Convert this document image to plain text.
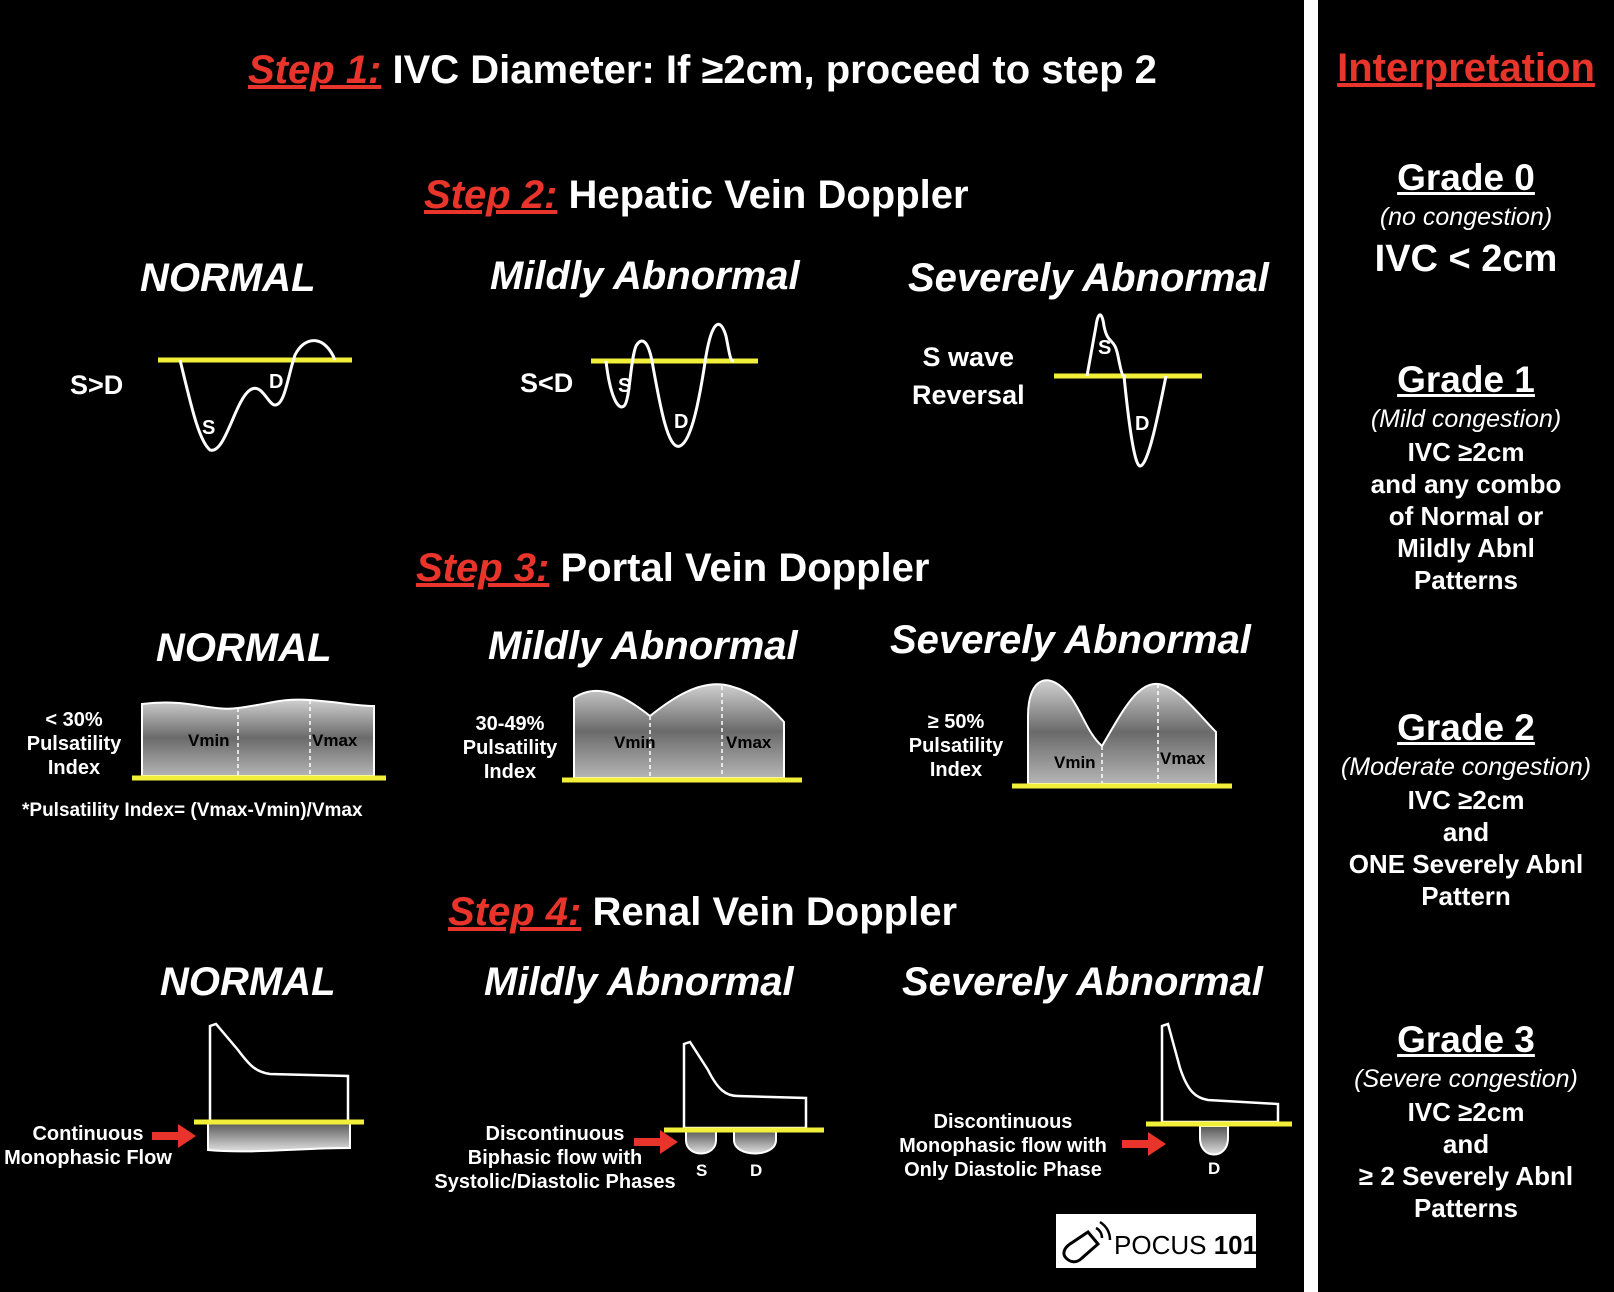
Step 1: IVC Diameter: If ≥2cm, proceed to step 2
Step 2: Hepatic Vein Doppler
Step 3: Portal Vein Doppler
Step 4: Renal Vein Doppler
NORMAL	Mildly Abnormal	Severely Abnormal
S>D	S<D
S wave
Reversal
S
D	S
D
S
D
NORMAL	Mildly Abnormal Severely Abnormal
< 30%
Pulsatility
Index
30-49%
Pulsatility
Index
≥ 50%
Pulsatility
Index
*Pulsatility Index= (Vmax-Vmin)/Vmax
Vmin	Vmax	Vmin	Vmax
Vmin	Vmax
NORMAL	Mildly Abnormal	Severely Abnormal
Continuous
Monophasic Flow
Discontinuous
Biphasic flow with
Systolic/Diastolic Phases
Discontinuous
Monophasic flow with
Only Diastolic Phase
S	D	D
POCUS 101
Interpretation
Grade 0
(no congestion)
IVC < 2cm
Grade 1
(Mild congestion)
IVC ≥2cm
and any combo
of Normal or
Mildly Abnl
Patterns
Grade 2
(Moderate congestion)
IVC ≥2cm
and
ONE Severely Abnl
Pattern
Grade 3
(Severe congestion)
IVC ≥2cm
and
≥ 2 Severely Abnl
Patterns
